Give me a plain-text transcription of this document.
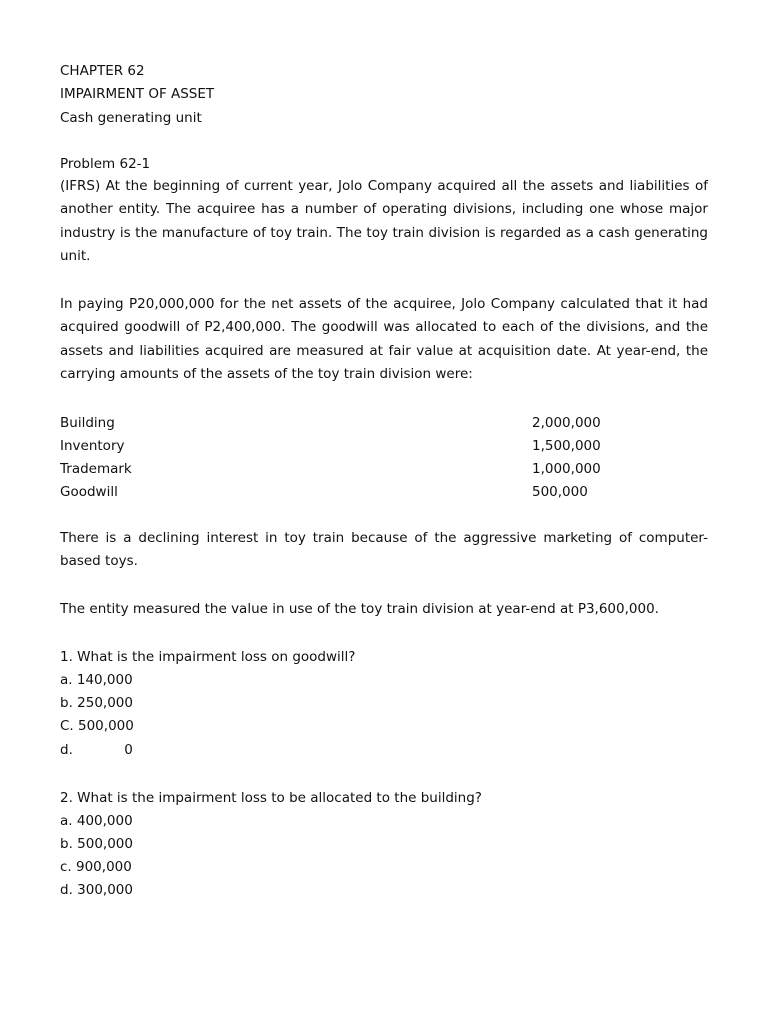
CHAPTER 62
IMPAIRMENT OF ASSET
Cash generating unit
Problem 62-1
(IFRS) At the beginning of current year, Jolo Company acquired all the assets and liabilities of another entity. The acquiree has a number of operating divisions, including one whose major industry is the manufacture of toy train. The toy train division is regarded as a cash generating unit.
In paying P20,000,000 for the net assets of the acquiree, Jolo Company calculated that it had acquired goodwill of P2,400,000. The goodwill was allocated to each of the divisions, and the assets and liabilities acquired are measured at fair value at acquisition date. At year-end, the carrying amounts of the assets of the toy train division were:
Building	2,000,000
Inventory	1,500,000
Trademark	1,000,000
Goodwill	500,000
There is a declining interest in toy train because of the aggressive marketing of computer-based toys.
The entity measured the value in use of the toy train division at year-end at P3,600,000.
1. What is the impairment loss on goodwill?
a. 140,000
b. 250,000
C. 500,000
d.	0
2. What is the impairment loss to be allocated to the building?
a. 400,000
b. 500,000
c. 900,000
d. 300,000
